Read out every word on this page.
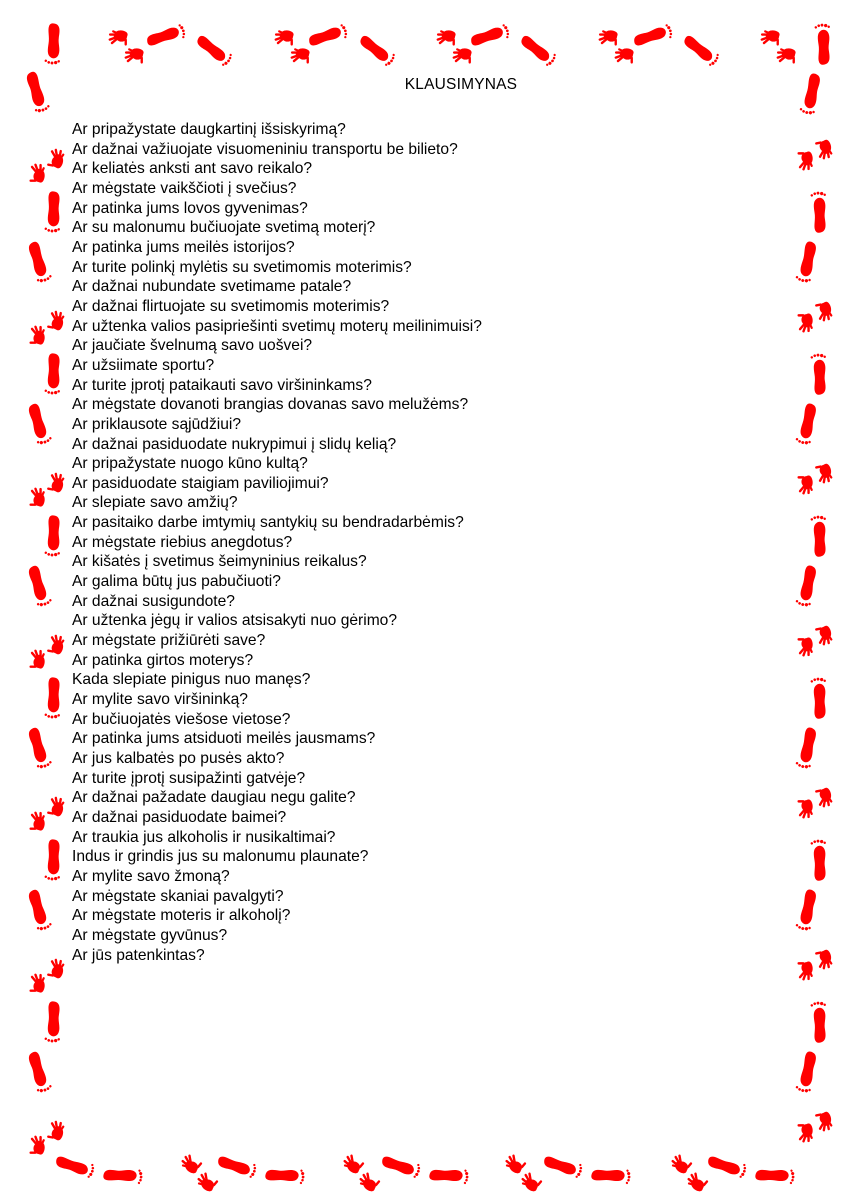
KLAUSIMYNAS
Ar pripažystate daugkartinį išsiskyrimą?
Ar dažnai važiuojate visuomeniniu transportu be bilieto?
Ar keliatės anksti ant savo reikalo?
Ar mėgstate vaikščioti į svečius?
Ar patinka jums lovos gyvenimas?
Ar su malonumu bučiuojate svetimą moterį?
Ar patinka jums meilės istorijos?
Ar turite polinkį mylėtis su svetimomis moterimis?
Ar dažnai nubundate svetimame patale?
Ar dažnai flirtuojate su svetimomis moterimis?
Ar užtenka valios pasipriešinti svetimų moterų meilinimuisi?
Ar jaučiate švelnumą savo uošvei?
Ar užsiimate sportu?
Ar turite įprotį pataikauti savo viršininkams?
Ar mėgstate dovanoti brangias dovanas savo melužėms?
Ar priklausote sąjūdžiui?
Ar dažnai pasiduodate nukrypimui į slidų kelią?
Ar pripažystate nuogo kūno kultą?
Ar pasiduodate staigiam paviliojimui?
Ar slepiate savo amžių?
Ar pasitaiko darbe imtymių santykių su bendradarbėmis?
Ar mėgstate riebius anegdotus?
Ar kišatės į svetimus šeimyninius reikalus?
Ar galima būtų jus pabučiuoti?
Ar dažnai susigundote?
Ar užtenka jėgų ir valios atsisakyti nuo gėrimo?
Ar mėgstate prižiūrėti save?
Ar patinka girtos moterys?
Kada slepiate pinigus nuo manęs?
Ar mylite savo viršininką?
Ar bučiuojatės viešose vietose?
Ar patinka jums atsiduoti meilės jausmams?
Ar jus kalbatės po pusės akto?
Ar turite įprotį susipažinti gatvėje?
Ar dažnai pažadate daugiau negu galite?
Ar dažnai pasiduodate baimei?
Ar traukia jus alkoholis ir nusikaltimai?
Indus ir grindis jus su malonumu plaunate?
Ar mylite savo žmoną?
Ar mėgstate skaniai pavalgyti?
Ar mėgstate moteris ir alkoholį?
Ar mėgstate gyvūnus?
Ar jūs patenkintas?
